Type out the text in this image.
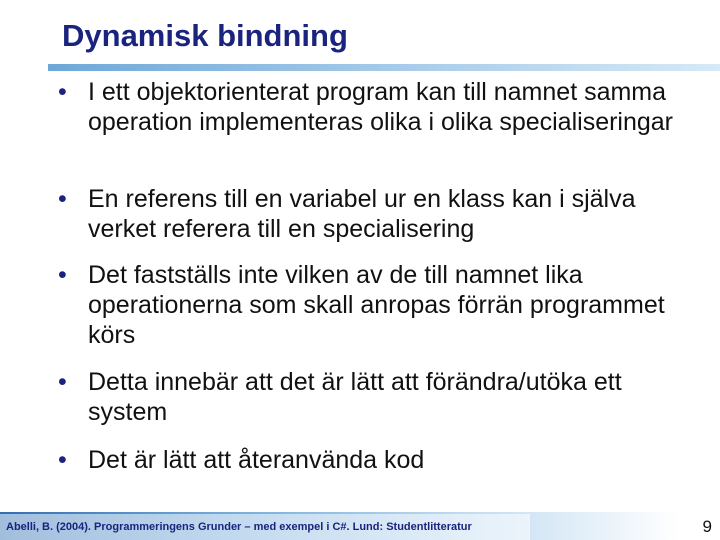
Dynamisk bindning
• I ett objektorienterat program kan till namnet samma operation implementeras olika i olika specialiseringar
• En referens till en variabel ur en klass kan i själva verket referera till en specialisering
• Det fastställs inte vilken av de till namnet lika operationerna som skall anropas förrän programmet körs
• Detta innebär att det är lätt att förändra/utöka ett system
• Det är lätt att återanvända kod
Abelli, B. (2004). Programmeringens Grunder – med exempel i C#. Lund: Studentlitteratur	9
